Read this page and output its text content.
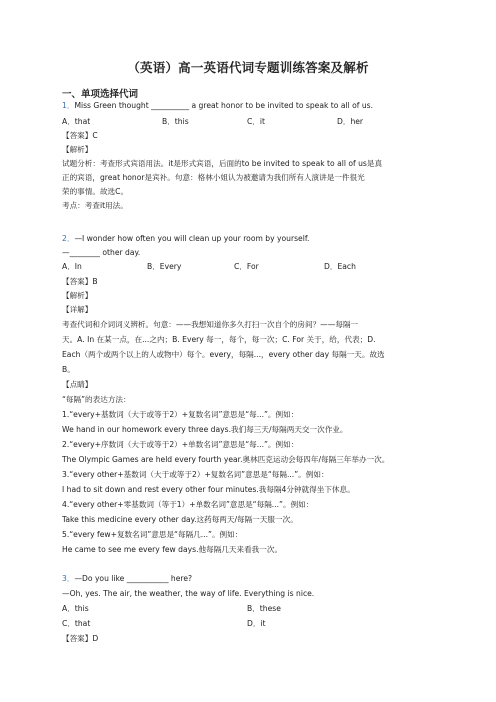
（英语）高一英语代词专题训练答案及解析
一、单项选择代词
1．Miss Green thought __________ a great honor to be invited to speak to all of us.
A．that	B．this	C．it	D．her
【答案】C
【解析】
试题分析：考查形式宾语用法。it是形式宾语，后面的to be invited to speak to all of us是真
正的宾语，great honor是宾补。句意：格林小姐认为被邀请为我们所有人演讲是一件很光
荣的事情。故选C。
考点：考查it用法。
2．—I wonder how often you will clean up your room by yourself.
—________ other day.
A．In	B．Every	C．For	D．Each
【答案】B
【解析】
【详解】
考查代词和介词词义辨析。句意：——我想知道你多久打扫一次自个的房间？——每隔一
天。A. In 在某一点，在...之内；B. Every 每一，每个，每一次；C. For 关于，给，代表；D.
Each（两个或两个以上的人或物中）每个。every，每隔...，every other day 每隔一天。故选
B。
【点睛】
“每隔”的表达方法：
1.“every+基数词（大于或等于2）+复数名词”意思是“每...”。例如：
We hand in our homework every three days.我们每三天/每隔两天交一次作业。
2.“every+序数词（大于或等于2）+单数名词”意思是“每...”。例如：
The Olympic Games are held every fourth year.奥林匹克运动会每四年/每隔三年举办一次。
3.“every other+基数词（大于或等于2）+复数名词”意思是“每隔...”。例如：
I had to sit down and rest every other four minutes.我每隔4分钟就得坐下休息。
4.“every other+零基数词（等于1）+单数名词”意思是“每隔...”。例如：
Take this medicine every other day.这药每两天/每隔一天服一次。
5.“every few+复数名词”意思是“每隔几...”。例如：
He came to see me every few days.他每隔几天来看我一次。
3．—Do you like ___________ here?
—Oh, yes. The air, the weather, the way of life. Everything is nice.
A．this	B．these
C．that	D．it
【答案】D
